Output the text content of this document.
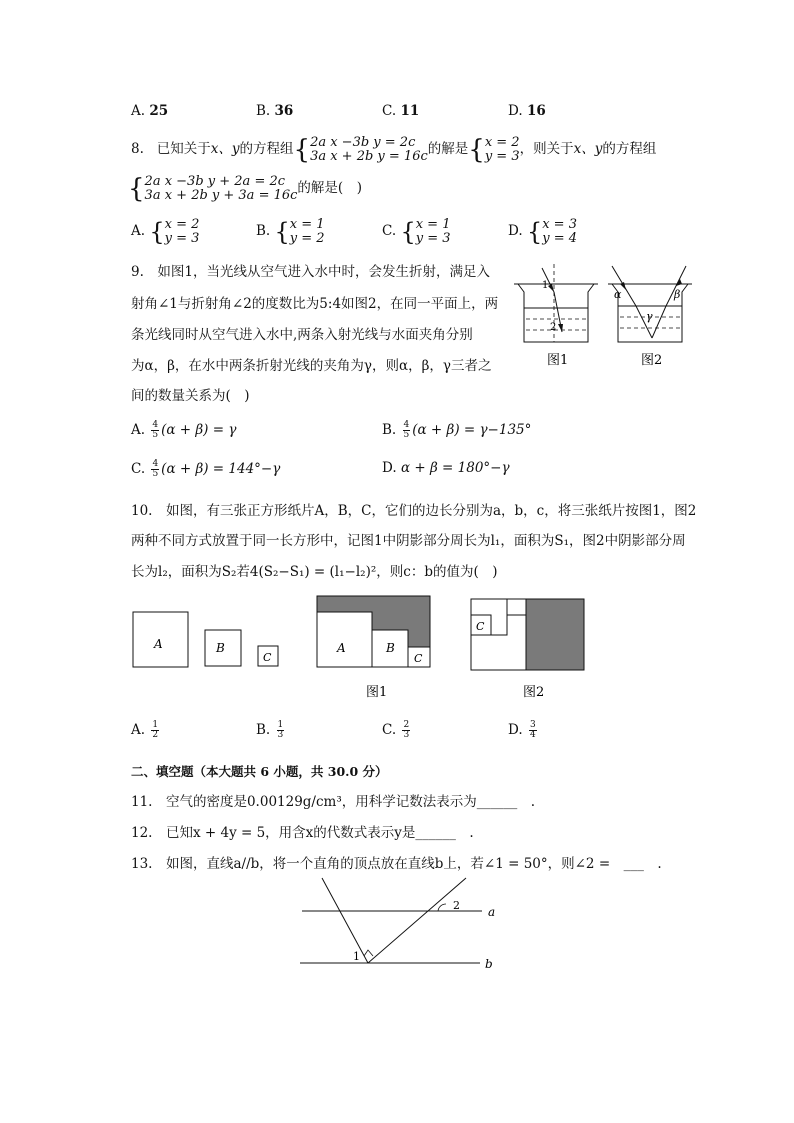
A. 25	B. 36	C. 11	D. 16
8. 已知关于x、y的方程组{ 2a x −3b y = 2c
3a x + 2b y = 16c 的解是{ x = 2
y = 3 ，则关于x、y的方程组
{ 2a x −3b y + 2a = 2c
3a x + 2b y + 3a = 16c 的解是(　)
A. { x = 2
y = 3	B. { x = 1
y = 2	C. { x = 1
y = 3	D. { x = 3
y = 4
9.　如图1，当光线从空气进入水中时，会发生折射，满足入
射角∠1与折射角∠2的度数比为5:4如图2，在同一平面上，两
条光线同时从空气进入水中,两条入射光线与水面夹角分别
为α，β，在水中两条折射光线的夹角为γ，则α，β，γ三者之
间的数量关系为(　)
1
2
图1
α	β
γ
图2
A. $\frac{4}{5} (\alpha + \beta) = \gamma$	B. $\frac{4}{5} (\alpha + \beta) = \gamma-135^\circ$
C. $\frac{4}{5} (\alpha + \beta) = 144^\circ-\gamma$	D. α + β = 180°−γ
10.　如图，有三张正方形纸片A，B，C，它们的边长分别为a，b，c，将三张纸片按图1，图2
两种不同方式放置于同一长方形中，记图1中阴影部分周长为l₁，面积为S₁，图2中阴影部分周
长为l₂，面积为S₂若4(S₂−S₁) = (l₁−l₂)²，则c：b的值为(　)
A	B
C
A	B
C
图1
C
图2
A. $\frac{1}{2}$	B. $\frac{1}{3}$	C. $\frac{2}{3}$	D. $\frac{3}{4}$
二、填空题（本大题共 6 小题，共 30.0 分）
11.　空气的密度是0.00129g/cm³，用科学记数法表示为______　.
12.　已知x + 4y = 5，用含x的代数式表示y是______　.
13.　如图，直线a//b，将一个直角的顶点放在直线b上，若∠1 = 50°，则∠2 =　___　.
1
2 a
b
